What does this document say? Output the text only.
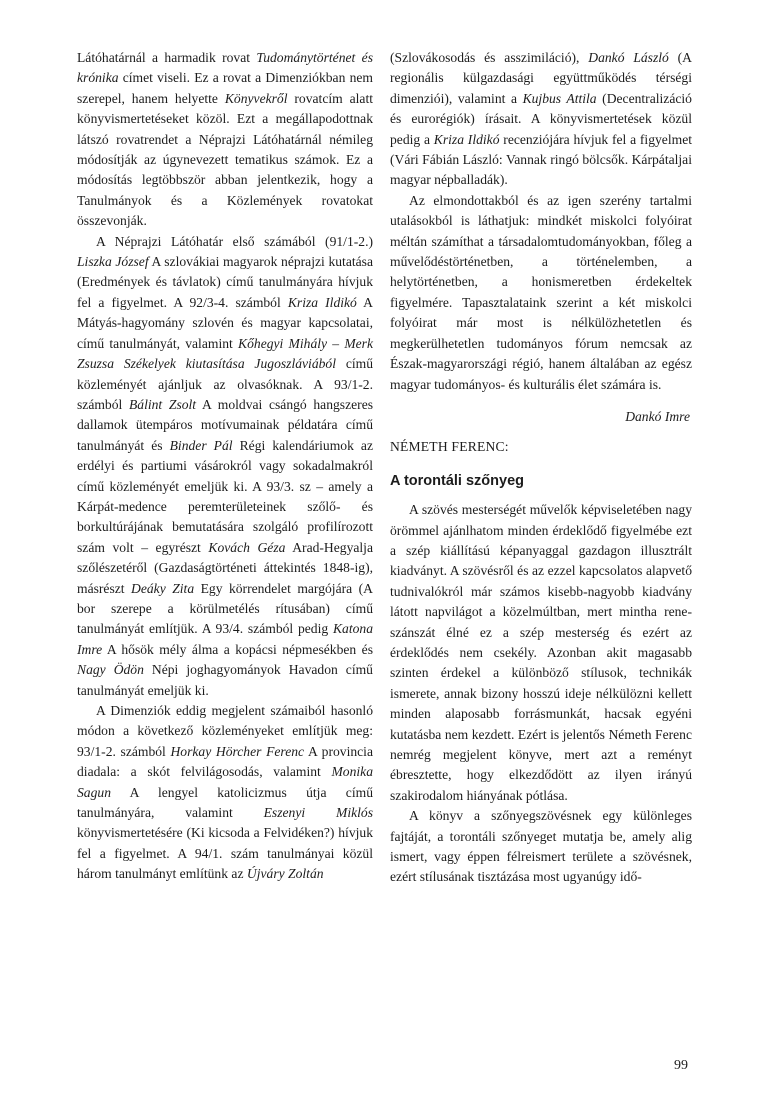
Látóhatárnál a harmadik rovat Tudománytörténet és krónika címet viseli. Ez a rovat a Dimenziókban nem szerepel, hanem helyette Könyvekről rovatcím alatt könyvismertetéseket közöl. Ezt a megállapodottnak látszó rovatrendet a Néprajzi Látóhatárnál némileg módosítják az úgynevezett tematikus számok. Ez a módosítás legtöbbször abban jelentkezik, hogy a Tanulmányok és a Közlemények rovatokat összevonják.

A Néprajzi Látóhatár első számából (91/1-2.) Liszka József A szlovákiai magyarok néprajzi kutatása (Eredmények és távlatok) című tanulmányára hívjuk fel a figyelmet. A 92/3-4. számból Kriza Ildikó A Mátyás-hagyomány szlovén és magyar kapcsolatai, című tanulmányát, valamint Kőhegyi Mihály – Merk Zsuzsa Székelyek kiutasítása Jugoszláviából című közleményét ajánljuk az olvasóknak. A 93/1-2. számból Bálint Zsolt A moldvai csángó hangszeres dallamok ütempáros motívumainak példatára című tanulmányát és Binder Pál Régi kalendáriumok az erdélyi és partiumi vásárokról vagy sokadalmakról című közleményét emeljük ki. A 93/3. sz – amely a Kárpát-medence peremterületeinek szőlő- és borkultúrájának bemutatására szolgáló profilírozott szám volt – egyrészt Kovách Géza Arad-Hegyalja szőlészetéről (Gazdaságtörténeti áttekintés 1848-ig), másrészt Deáky Zita Egy körrendelet margójára (A bor szerepe a körülmetélés rítusában) című tanulmányát említjük. A 93/4. számból pedig Katona Imre A hősök mély álma a kopácsi népmesékben és Nagy Ödön Népi joghagyományok Havadon című tanulmányát emeljük ki.

A Dimenziók eddig megjelent számaiból hasonló módon a következő közleményeket említjük meg: 93/1-2. számból Horkay Hörcher Ferenc A provincia diadala: a skót felvilágosodás, valamint Monika Sagun A lengyel katolicizmus útja című tanulmányára, valamint Eszenyi Miklós könyvismertetésére (Ki kicsoda a Felvidéken?) hívjuk fel a figyelmet. A 94/1. szám tanulmányai közül három tanulmányt említünk az Újváry Zoltán

(Szlovákosodás és asszimiláció), Dankó László (A regionális külgazdasági együttműködés térségi dimenziói), valamint a Kujbus Attila (Decentralizáció és eurorégiók) írásait. A könyvismertetések közül pedig a Kriza Ildikó recenziójára hívjuk fel a figyelmet (Vári Fábián László: Vannak ringó bölcsők. Kárpátaljai magyar népballadák).

Az elmondottakból és az igen szerény tartalmi utalásokból is láthatjuk: mindkét miskolci folyóirat méltán számíthat a társadalomtudományokban, főleg a művelődéstörténetben, a történelemben, a helytörténetben, a honismeretben érdekeltek figyelmére. Tapasztalataink szerint a két miskolci folyóirat már most is nélkülözhetetlen és megkerülhetetlen tudományos fórum nemcsak az Észak-magyarországi régió, hanem általában az egész magyar tudományos- és kulturális élet számára is.

Dankó Imre
NÉMETH FERENC:
A torontáli szőnyeg

A szövés mesterségét művelők képviseletében nagy örömmel ajánlhatom minden érdeklődő figyelmébe ezt a szép kiállítású képanyaggal gazdagon illusztrált kiadványt. A szövésről és az ezzel kapcsolatos alapvető tudnivalókról már számos kisebb-nagyobb kiadvány látott napvilágot a közelmúltban, mert mintha reneszánszát élné ez a szép mesterség és ezért az érdeklődés nem csekély. Azonban akit magasabb szinten érdekel a különböző stílusok, technikák ismerete, annak bizony hosszú ideje nélkülözni kellett minden alaposabb forrásmunkát, hacsak egyéni kutatásba nem kezdett. Ezért is jelentős Németh Ferenc nemrég megjelent könyve, mert azt a reményt ébresztette, hogy elkezdődött az ilyen irányú szakirodalom hiányának pótlása.

A könyv a szőnyegszövésnek egy különleges fajtáját, a torontáli szőnyeget mutatja be, amely alig ismert, vagy éppen félreismert területe a szövésnek, ezért stílusának tisztázása most ugyanúgy idő-

99
